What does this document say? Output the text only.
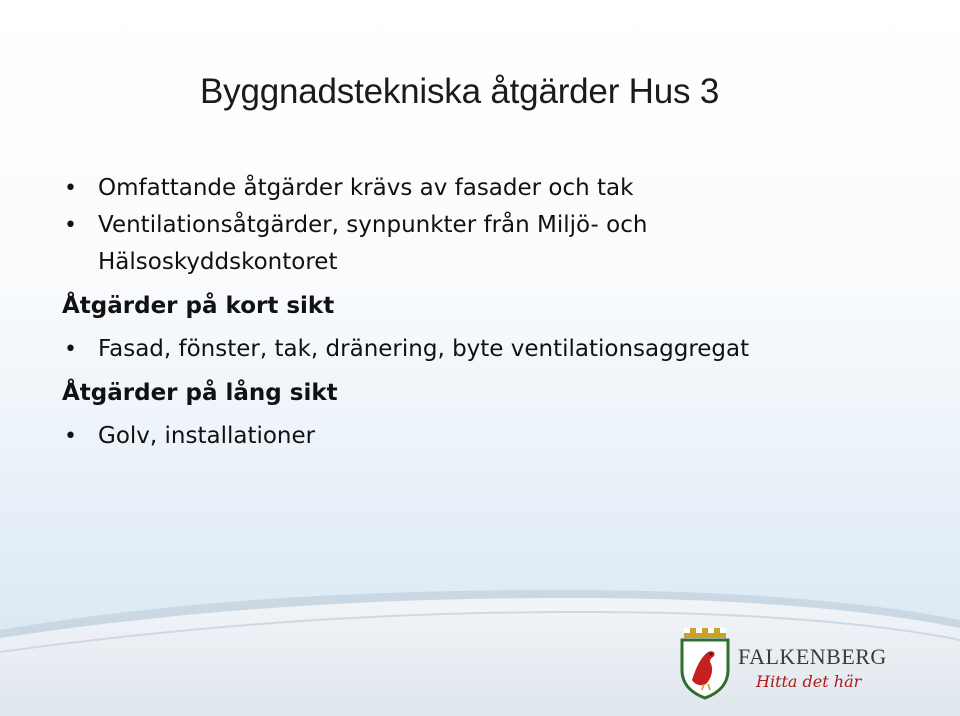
Byggnadstekniska åtgärder Hus 3
• Omfattande åtgärder krävs av fasader och tak
• Ventilationsåtgärder, synpunkter från Miljö- och
Hälsoskyddskontoret
Åtgärder på kort sikt
• Fasad, fönster, tak, dränering, byte ventilationsaggregat
Åtgärder på lång sikt
• Golv, installationer
FALKENBERG
Hitta det här
